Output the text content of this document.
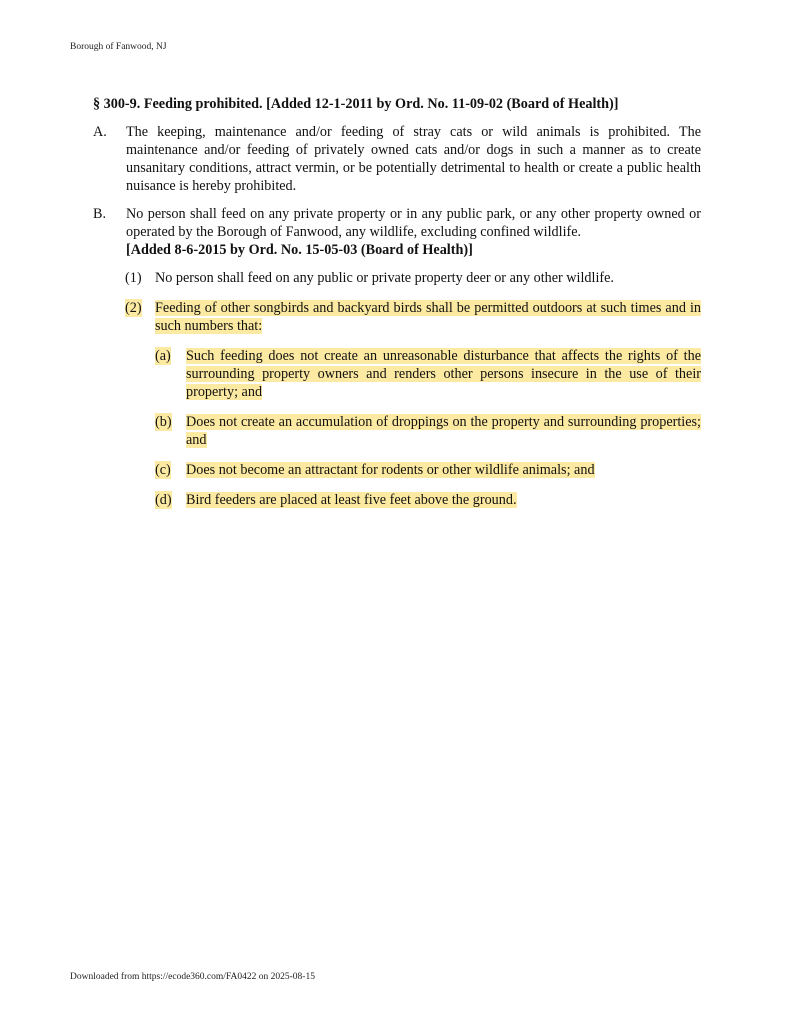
Borough of Fanwood, NJ
§ 300-9. Feeding prohibited. [Added 12-1-2011 by Ord. No. 11-09-02 (Board of Health)]
A. The keeping, maintenance and/or feeding of stray cats or wild animals is prohibited. The maintenance and/or feeding of privately owned cats and/or dogs in such a manner as to create unsanitary conditions, attract vermin, or be potentially detrimental to health or create a public health nuisance is hereby prohibited.
B. No person shall feed on any private property or in any public park, or any other property owned or operated by the Borough of Fanwood, any wildlife, excluding confined wildlife.
[Added 8-6-2015 by Ord. No. 15-05-03 (Board of Health)]
(1) No person shall feed on any public or private property deer or any other wildlife.
(2) Feeding of other songbirds and backyard birds shall be permitted outdoors at such times and in such numbers that:
(a) Such feeding does not create an unreasonable disturbance that affects the rights of the surrounding property owners and renders other persons insecure in the use of their property; and
(b) Does not create an accumulation of droppings on the property and surrounding properties; and
(c) Does not become an attractant for rodents or other wildlife animals; and
(d) Bird feeders are placed at least five feet above the ground.
Downloaded from https://ecode360.com/FA0422 on 2025-08-15
